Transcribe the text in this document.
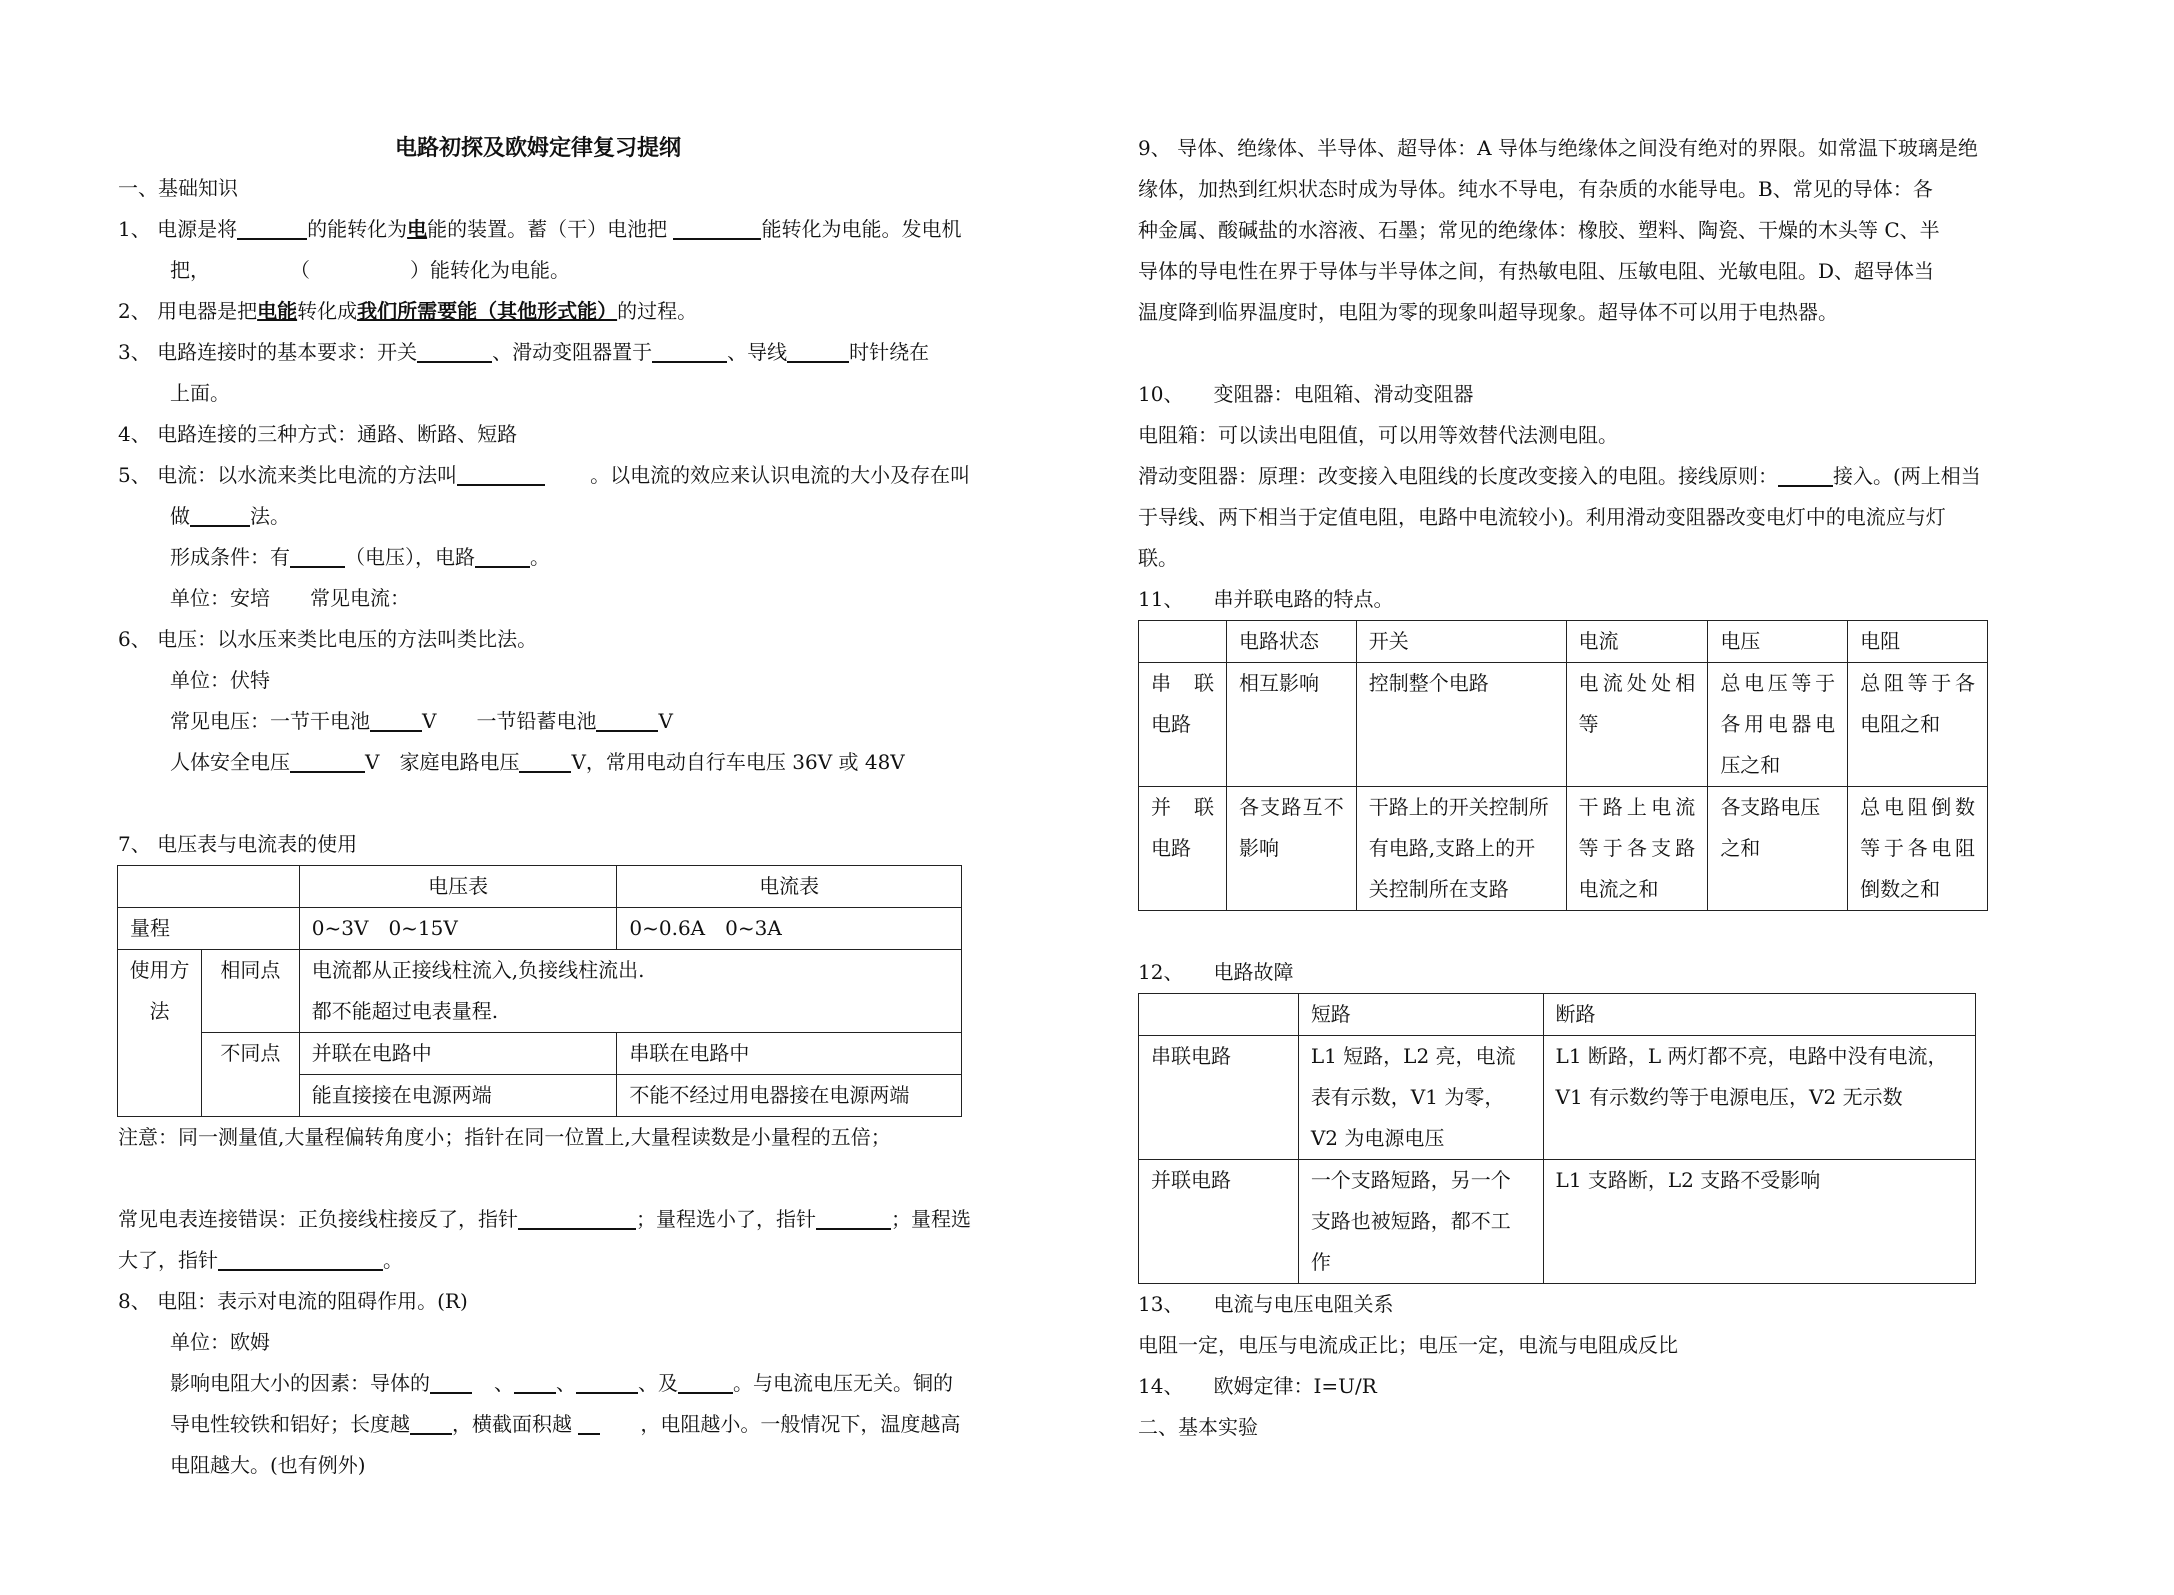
电路初探及欧姆定律复习提纲

一、基础知识

1、 电源是将	的能转化为电能的装置。蓄（干）电池把	能转化为电能。发电机
把，	（	）能转化为电能。

2、 用电器是把电能转化成我们所需要能（其他形式能）的过程。

3、 电路连接时的基本要求：开关	、滑动变阻器置于	、导线	时针绕在
上面。

4、 电路连接的三种方式：通路、断路、短路

5、 电流：以水流来类比电流的方法叫	。以电流的效应来认识电流的大小及存在叫
做	法。

形成条件：有	（电压），电路	。

单位：安培　　常见电流：

6、 电压：以水压来类比电压的方法叫类比法。

单位：伏特

常见电压：一节干电池	V　　一节铅蓄电池	V

人体安全电压	V　家庭电路电压	V，常用电动自行车电压 36V 或 48V

7、 电压表与电流表的使用

		电压表	电流表
量程		0~3V　0~15V	0~0.6A　0~3A
使用方法	相同点	电流都从正接线柱流入,负接线柱流出.
都不能超过电表量程.	

	不同点	并联在电路中	串联在电路中
		能直接接在电源两端	不能不经过用电器接在电源两端

注意：同一测量值,大量程偏转角度小；指针在同一位置上,大量程读数是小量程的五倍；

常见电表连接错误：正负接线柱接反了，指针	；量程选小了，指针	；量程选
大了，指针	。

8、 电阻：表示对电流的阻碍作用。(R)

单位：欧姆

影响电阻大小的因素：导体的	、 、	、及	。与电流电压无关。铜的
导电性较铁和铝好；长度越 ，横截面积越	，电阻越小。一般情况下，温度越高
电阻越大。(也有例外)

9、 导体、绝缘体、半导体、超导体：A 导体与绝缘体之间没有绝对的界限。如常温下玻璃是绝
缘体，加热到红炽状态时成为导体。纯水不导电，有杂质的水能导电。B、常见的导体：各
种金属、酸碱盐的水溶液、石墨；常见的绝缘体：橡胶、塑料、陶瓷、干燥的木头等 C、半
导体的导电性在界于导体与半导体之间，有热敏电阻、压敏电阻、光敏电阻。D、超导体当
温度降到临界温度时，电阻为零的现象叫超导现象。超导体不可以用于电热器。

10、　　变阻器：电阻箱、滑动变阻器

电阻箱：可以读出电阻值，可以用等效替代法测电阻。

滑动变阻器：原理：改变接入电阻线的长度改变接入的电阻。接线原则：	接入。(两上相当
于导线、两下相当于定值电阻，电路中电流较小)。利用滑动变阻器改变电灯中的电流应与灯
联。

11、　　串并联电路的特点。

	电路状态	开关	电流	电压	电阻
串　联电路	相互影响	控制整个电路	电流处处相等	总电压等于各用电器电压之和	总阻等于各电阻之和
并　联电路	各支路互不影响	干路上的开关控制所有电路,支路上的开关控制所在支路	干路上电流等于各支路电流之和	各支路电压之和	总电阻倒数等于各电阻倒数之和

12、　　电路故障

	短路	断路
串联电路	L1 短路，L2 亮，电流表有示数，V1 为零，V2 为电源电压	L1 断路，L 两灯都不亮，电路中没有电流，V1 有示数约等于电源电压，V2 无示数
并联电路	一个支路短路，另一个支路也被短路，都不工作	L1 支路断，L2 支路不受影响

13、　　电流与电压电阻关系

电阻一定，电压与电流成正比；电压一定，电流与电阻成反比

14、　　欧姆定律：I=U/R

二、基本实验
